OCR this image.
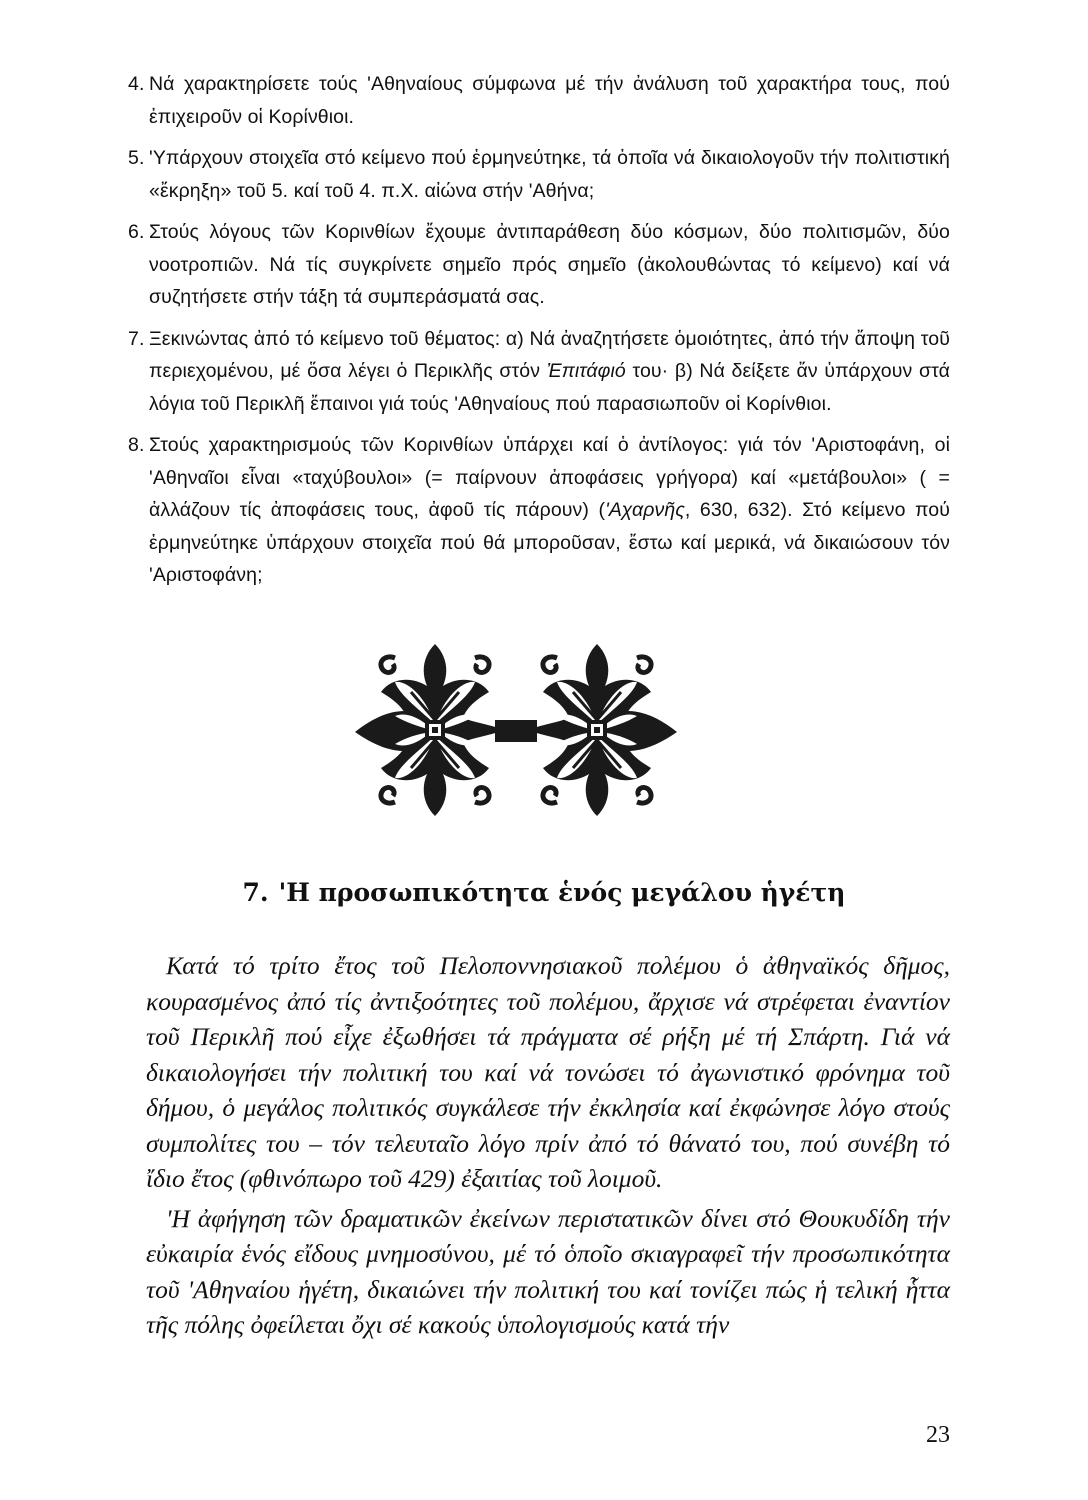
4. Νά χαρακτηρίσετε τούς 'Αθηναίους σύμφωνα μέ τήν ἀνάλυση τοῦ χαρακτήρα τους, πού ἐπιχειροῦν οἱ Κορίνθιοι.
5. 'Υπάρχουν στοιχεῖα στό κείμενο πού ἑρμηνεύτηκε, τά ὁποῖα νά δικαιολογοῦν τήν πολιτιστική «ἔκρηξη» τοῦ 5. καί τοῦ 4. π.Χ. αἰώνα στήν 'Αθήνα;
6. Στούς λόγους τῶν Κορινθίων ἔχουμε ἀντιπαράθεση δύο κόσμων, δύο πολιτισμῶν, δύο νοοτροπιῶν. Νά τίς συγκρίνετε σημεῖο πρός σημεῖο (ἀκολουθώντας τό κείμενο) καί νά συζητήσετε στήν τάξη τά συμπεράσματά σας.
7. Ξεκινώντας ἀπό τό κείμενο τοῦ θέματος: α) Νά ἀναζητήσετε ὁμοιότητες, ἀπό τήν ἄποψη τοῦ περιεχομένου, μέ ὅσα λέγει ὁ Περικλῆς στόν Ἐπιτάφιό του· β) Νά δείξετε ἄν ὑπάρχουν στά λόγια τοῦ Περικλῆ ἔπαινοι γιά τούς 'Αθηναίους πού παρασιωποῦν οἱ Κορίνθιοι.
8. Στούς χαρακτηρισμούς τῶν Κορινθίων ὑπάρχει καί ὁ ἀντίλογος: γιά τόν 'Αριστοφάνη, οἱ 'Αθηναῖοι εἶναι «ταχύβουλοι» (= παίρνουν ἀποφάσεις γρήγορα) καί «μετάβουλοι» ( = ἀλλάζουν τίς ἀποφάσεις τους, ἀφοῦ τίς πάρουν) ('Αχαρνῆς, 630, 632). Στό κείμενο πού ἑρμηνεύτηκε ὑπάρχουν στοιχεῖα πού θά μποροῦσαν, ἔστω καί μερικά, νά δικαιώσουν τόν 'Αριστοφάνη;
7. 'Η προσωπικότητα ἑνός μεγάλου ἡγέτη

Κατά τό τρίτο ἔτος τοῦ Πελοποννησιακοῦ πολέμου ὁ ἀθηναϊκός δῆμος, κουρασμένος ἀπό τίς ἀντιξοότητες τοῦ πολέμου, ἄρχισε νά στρέφεται ἐναντίον τοῦ Περικλῆ πού εἶχε ἐξωθήσει τά πράγματα σέ ρήξη μέ τή Σπάρτη. Γιά νά δικαιολογήσει τήν πολιτική του καί νά τονώσει τό ἀγωνιστικό φρόνημα τοῦ δήμου, ὁ μεγάλος πολιτικός συγκάλεσε τήν ἐκκλησία καί ἐκφώνησε λόγο στούς συμπολίτες του – τόν τελευταῖο λόγο πρίν ἀπό τό θάνατό του, πού συνέβη τό ἴδιο ἔτος (φθινόπωρο τοῦ 429) ἐξαιτίας τοῦ λοιμοῦ.

'Η ἀφήγηση τῶν δραματικῶν ἐκείνων περιστατικῶν δίνει στό Θουκυδίδη τήν εὐκαιρία ἑνός εἴδους μνημοσύνου, μέ τό ὁποῖο σκιαγραφεῖ τήν προσωπικότητα τοῦ 'Αθηναίου ἡγέτη, δικαιώνει τήν πολιτική του καί τονίζει πώς ἡ τελική ἧττα τῆς πόλης ὀφείλεται ὄχι σέ κακούς ὑπολογισμούς κατά τήν

23
